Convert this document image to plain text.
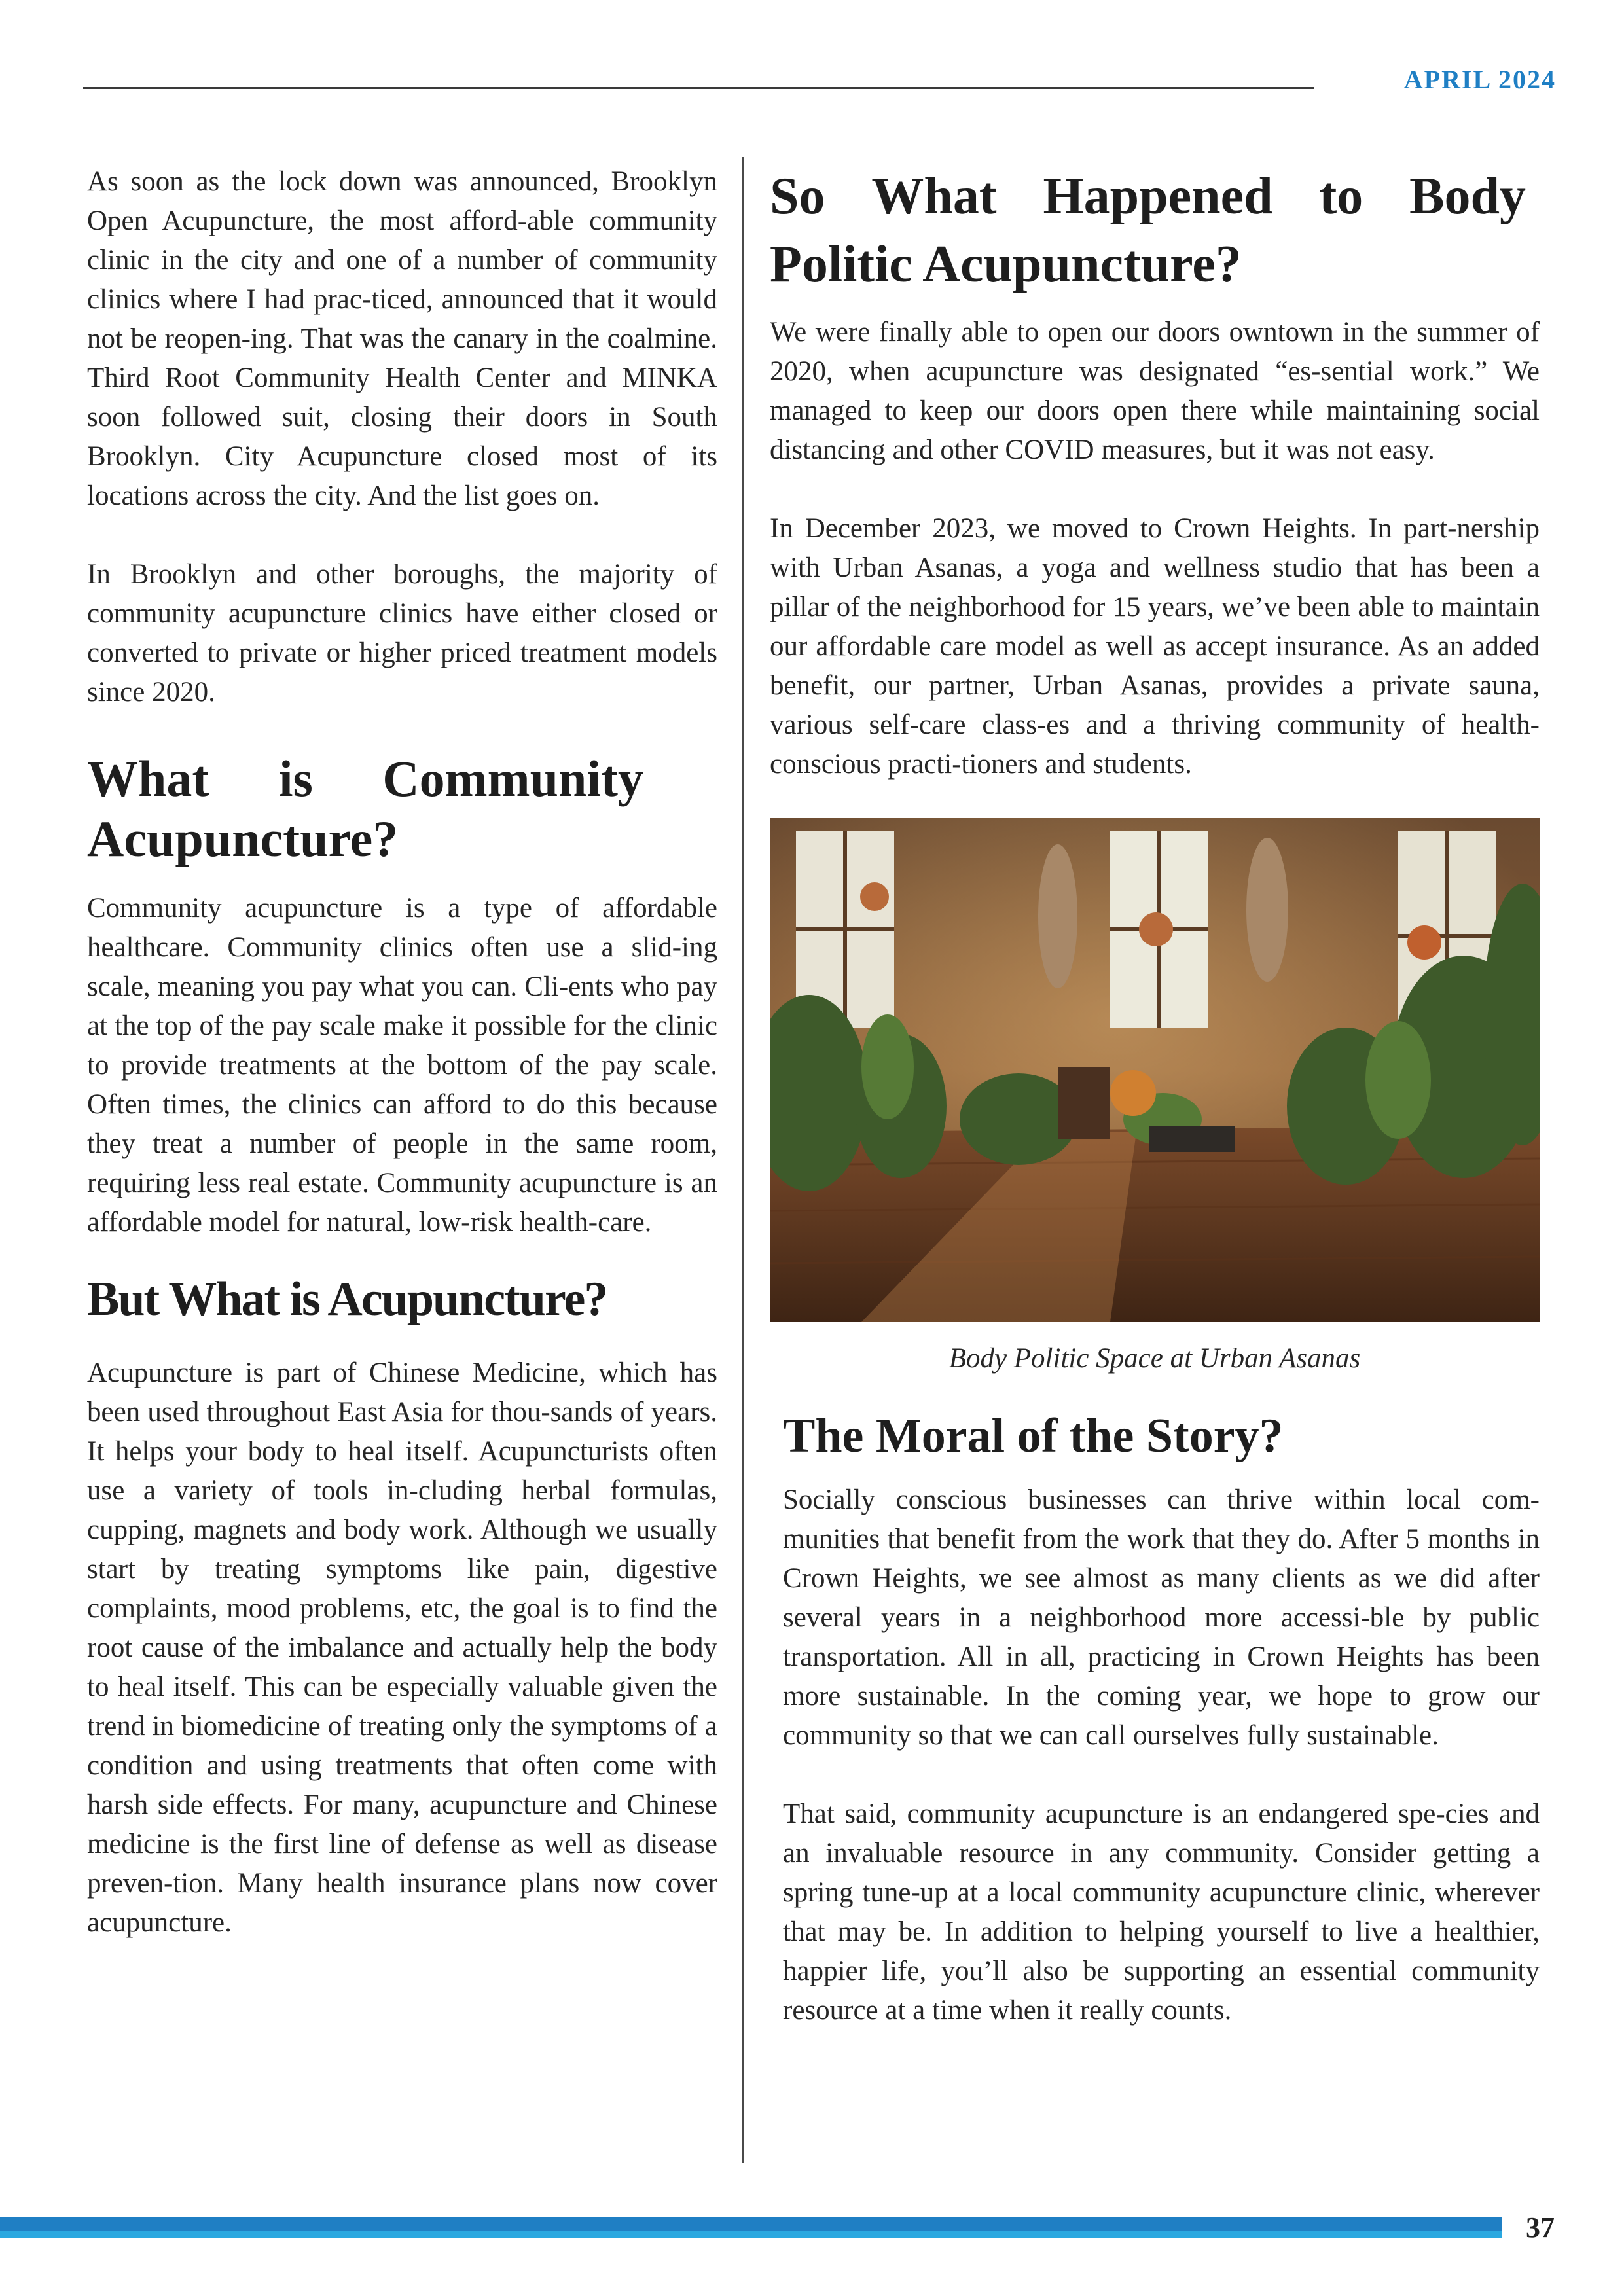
APRIL 2024

As soon as the lock down was announced, Brooklyn Open Acupuncture, the most afford-able community clinic in the city and one of a number of community clinics where I had prac-ticed, announced that it would not be reopen-ing. That was the canary in the coalmine. Third Root Community Health Center and MINKA soon followed suit, closing their doors in South Brooklyn. City Acupuncture closed most of its locations across the city. And the list goes on.

In Brooklyn and other boroughs, the majority of community acupuncture clinics have either closed or converted to private or higher priced treatment models since 2020.

What is Community
Acupuncture?

Community acupuncture is a type of affordable healthcare. Community clinics often use a slid-ing scale, meaning you pay what you can. Cli-ents who pay at the top of the pay scale make it possible for the clinic to provide treatments at the bottom of the pay scale. Often times, the clinics can afford to do this because they treat a number of people in the same room, requiring less real estate. Community acupuncture is an affordable model for natural, low-risk health-care.

But What is Acupuncture?

Acupuncture is part of Chinese Medicine, which has been used throughout East Asia for thou-sands of years. It helps your body to heal itself. Acupuncturists often use a variety of tools in-cluding herbal formulas, cupping, magnets and body work. Although we usually start by treating symptoms like pain, digestive complaints, mood problems, etc, the goal is to find the root cause of the imbalance and actually help the body to heal itself. This can be especially valuable given the trend in biomedicine of treating only the symptoms of a condition and using treatments that often come with harsh side effects. For many, acupuncture and Chinese medicine is the first line of defense as well as disease preven-tion. Many health insurance plans now cover acupuncture.

So What Happened to Body
Politic Acupuncture?

We were finally able to open our doors owntown in the summer of 2020, when acupuncture was designated “es-sential work.” We managed to keep our doors open there while maintaining social distancing and other COVID measures, but it was not easy.

In December 2023, we moved to Crown Heights. In part-nership with Urban Asanas, a yoga and wellness studio that has been a pillar of the neighborhood for 15 years, we’ve been able to maintain our affordable care model as well as accept insurance. As an added benefit, our partner, Urban Asanas, provides a private sauna, various self-care class-es and a thriving community of health-conscious practi-tioners and students.

Body Politic Space at Urban Asanas

The Moral of the Story?

Socially conscious businesses can thrive within local com-munities that benefit from the work that they do. After 5 months in Crown Heights, we see almost as many clients as we did after several years in a neighborhood more accessi-ble by public transportation. All in all, practicing in Crown Heights has been more sustainable. In the coming year, we hope to grow our community so that we can call ourselves fully sustainable.

That said, community acupuncture is an endangered spe-cies and an invaluable resource in any community. Consider getting a spring tune-up at a local community acupuncture clinic, wherever that may be. In addition to helping yourself to live a healthier, happier life, you’ll also be supporting an essential community resource at a time when it really counts.

37
